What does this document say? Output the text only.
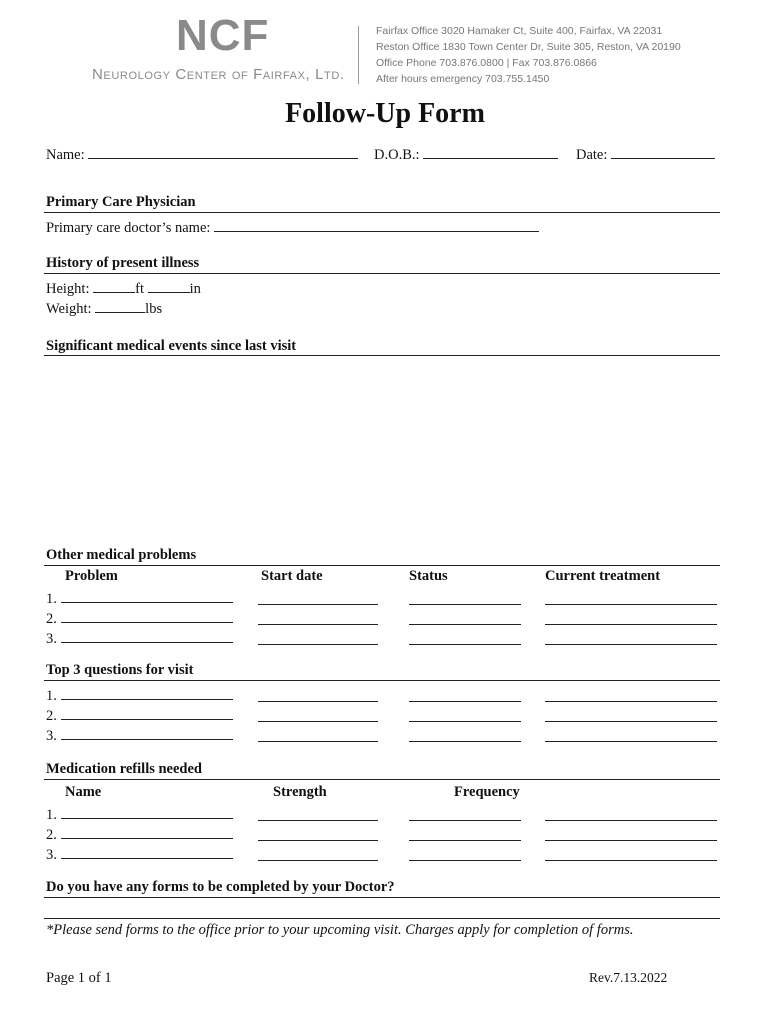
NCF
Neurology Center of Fairfax, Ltd.
Fairfax Office 3020 Hamaker Ct, Suite 400, Fairfax, VA 22031
Reston Office 1830 Town Center Dr, Suite 305, Reston, VA 20190
Office Phone 703.876.0800 | Fax 703.876.0866
After hours emergency 703.755.1450
Follow-Up Form
Name:	D.O.B.:	Date:
Primary Care Physician
Primary care doctor’s name:
History of present illness
Height:	ft	in
Weight:	lbs
Significant medical events since last visit
Other medical problems
Problem	Start date	Status	Current treatment
1.
2.
3.
Top 3 questions for visit
1.
2.
3.
Medication refills needed
Name	Strength	Frequency
1.
2.
3.
Do you have any forms to be completed by your Doctor?
*Please send forms to the office prior to your upcoming visit. Charges apply for completion of forms.
Page 1 of 1	Rev.7.13.2022
